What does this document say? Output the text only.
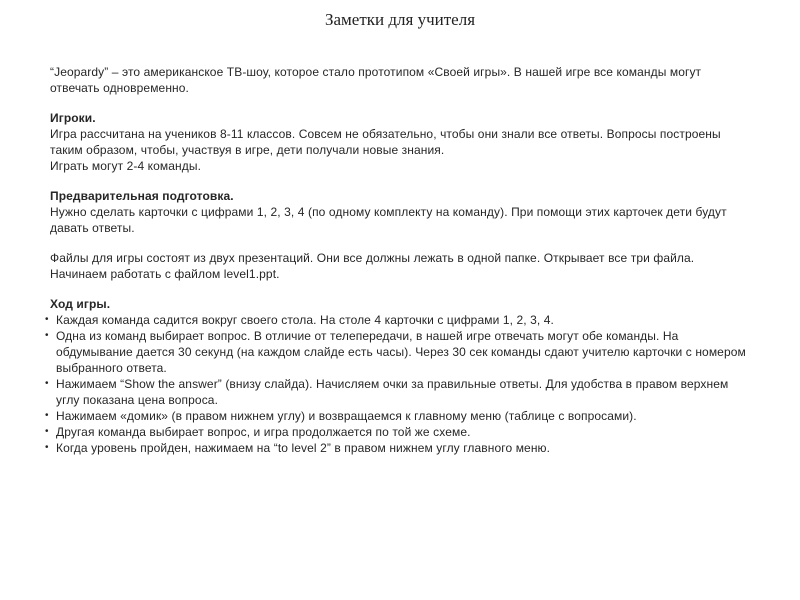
Заметки для учителя

“Jeopardy” – это американское ТВ-шоу, которое стало прототипом «Своей игры». В нашей игре все команды могут отвечать одновременно.

Игроки.

Игра рассчитана на учеников 8-11 классов. Совсем не обязательно, чтобы они знали все ответы. Вопросы построены таким образом, чтобы, участвуя в игре, дети получали новые знания.

Играть могут 2-4 команды.

Предварительная подготовка.

Нужно сделать карточки с цифрами 1, 2, 3, 4 (по одному комплекту на команду). При помощи этих карточек дети будут давать ответы.

Файлы для игры состоят из двух презентаций. Они все должны лежать в одной папке. Открывает все три файла. Начинаем работать с файлом level1.ppt.

Ход игры.

• Каждая команда садится вокруг своего стола. На столе 4 карточки с цифрами 1, 2, 3, 4.
• Одна из команд выбирает вопрос. В отличие от телепередачи, в нашей игре отвечать могут обе команды. На обдумывание дается 30 секунд (на каждом слайде есть часы). Через 30 сек команды сдают учителю карточки с номером выбранного ответа.
• Нажимаем “Show the answer” (внизу слайда). Начисляем очки за правильные ответы. Для удобства в правом верхнем углу показана цена вопроса.
• Нажимаем «домик» (в правом нижнем углу) и возвращаемся к главному меню (таблице с вопросами).
• Другая команда выбирает вопрос, и игра продолжается по той же схеме.
• Когда уровень пройден, нажимаем на “to level 2” в правом нижнем углу главного меню.
